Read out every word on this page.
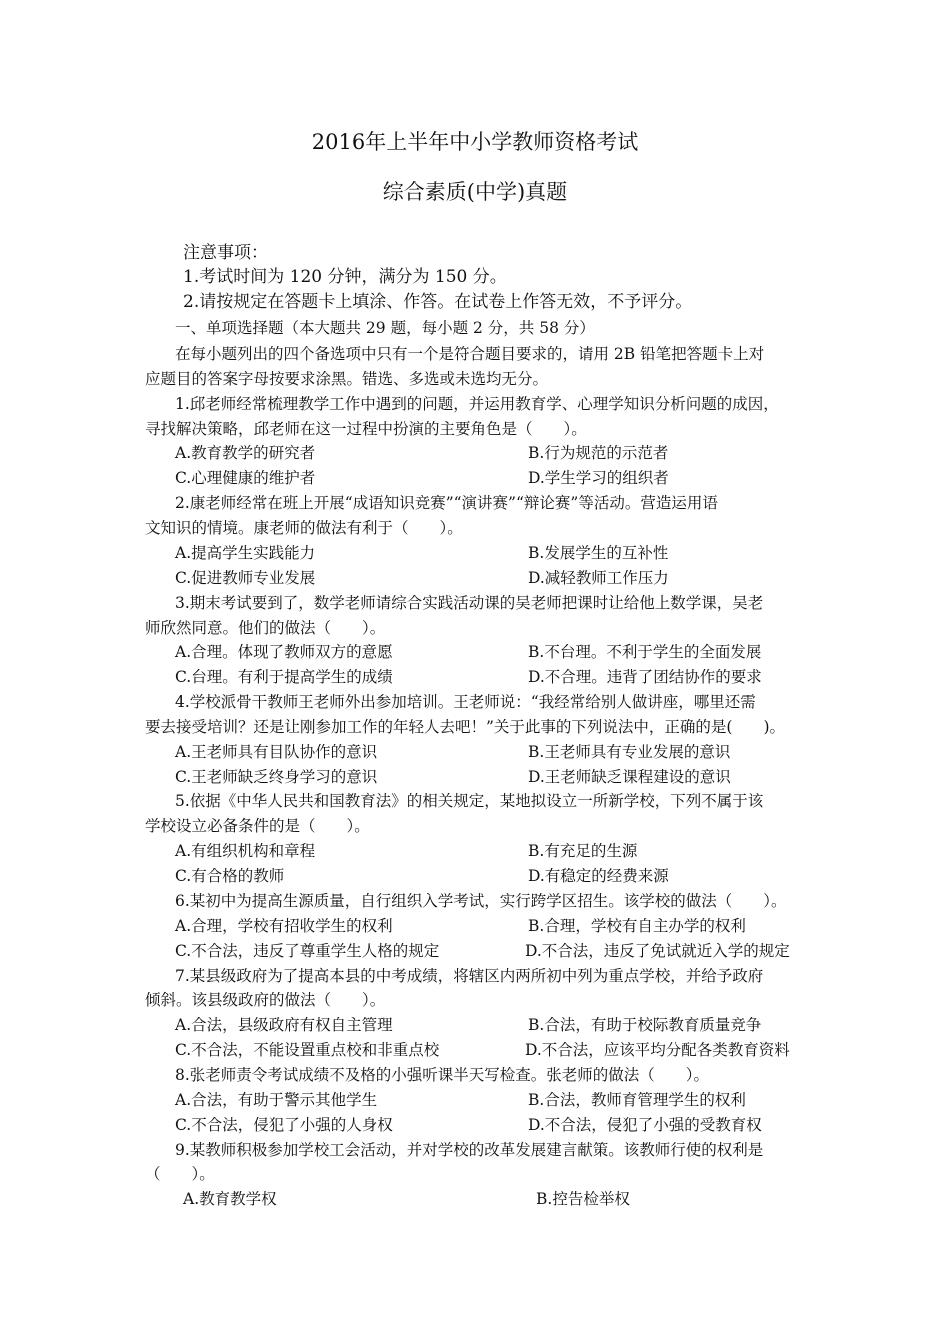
2016年上半年中小学教师资格考试
综合素质(中学)真题
注意事项：
1.考试时间为 120 分钟，满分为 150 分。
2.请按规定在答题卡上填涂、作答。在试卷上作答无效，不予评分。
一、单项选择题（本大题共 29 题，每小题 2 分，共 58 分）
在每小题列出的四个备选项中只有一个是符合题目要求的，请用 2B 铅笔把答题卡上对
应题目的答案字母按要求涂黑。错选、多选或未选均无分。
1.邱老师经常梳理教学工作中遇到的问题，并运用教育学、心理学知识分析问题的成因，
寻找解决策略，邱老师在这一过程中扮演的主要角色是（　　）。
A.教育教学的研究者	B.行为规范的示范者
C.心理健康的维护者	D.学生学习的组织者
2.康老师经常在班上开展“成语知识竞赛”“演讲赛”“辩论赛”等活动。营造运用语
文知识的情境。康老师的做法有利于（　　）。
A.提高学生实践能力	B.发展学生的互补性
C.促进教师专业发展	D.减轻教师工作压力
3.期末考试要到了，数学老师请综合实践活动课的吴老师把课时让给他上数学课，吴老
师欣然同意。他们的做法（　　）。
A.合理。体现了教师双方的意愿	B.不台理。不利于学生的全面发展
C.台理。有利于提高学生的成绩	D.不合理。违背了团结协作的要求
4.学校派骨干教师王老师外出参加培训。王老师说：“我经常给别人做讲座，哪里还需
要去接受培训？还是让刚参加工作的年轻人去吧！”关于此事的下列说法中，正确的是(　　)。
A.王老师具有目队协作的意识	B.王老师具有专业发展的意识
C.王老师缺乏终身学习的意识	D.王老师缺乏课程建设的意识
5.依据《中华人民共和国教育法》的相关规定，某地拟设立一所新学校，下列不属于该
学校设立必备条件的是（　　）。
A.有组织机构和章程	B.有充足的生源
C.有合格的教师	D.有稳定的经费来源
6.某初中为提高生源质量，自行组织入学考试，实行跨学区招生。该学校的做法（　　）。
A.合理，学校有招收学生的权利	B.合理，学校有自主办学的权利
C.不合法，违反了尊重学生人格的规定	D.不合法，违反了免试就近入学的规定
7.某县级政府为了提高本县的中考成绩，将辖区内两所初中列为重点学校，并给予政府
倾斜。该县级政府的做法（　　）。
A.合法，县级政府有权自主管理	B.合法，有助于校际教育质量竞争
C.不合法，不能设置重点校和非重点校	D.不合法，应该平均分配各类教育资料
8.张老师责令考试成绩不及格的小强听课半天写检查。张老师的做法（　　）。
A.合法，有助于警示其他学生	B.合法，教师育管理学生的权利
C.不合法，侵犯了小强的人身权	D.不合法，侵犯了小强的受教育权
9.某教师积极参加学校工会活动，并对学校的改革发展建言献策。该教师行使的权利是
（　　）。
A.教育教学权	B.控告检举权
